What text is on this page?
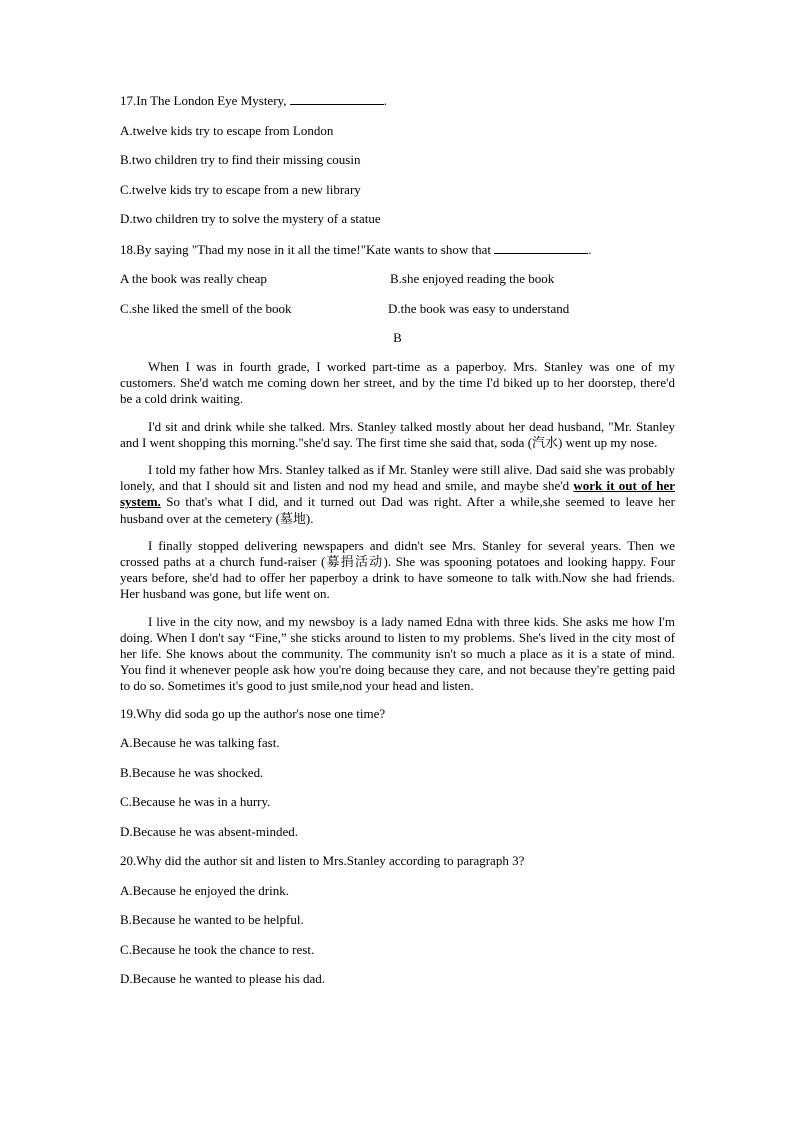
17.In The London Eye Mystery,	.
A.twelve kids try to escape from London
B.two children try to find their missing cousin
C.twelve kids try to escape from a new library
D.two children try to solve the mystery of a statue
18.By saying "Thad my nose in it all the time!"Kate wants to show that	.
A the book was really cheap	B.she enjoyed reading the book
C.she liked the smell of the book	D.the book was easy to understand
B

When I was in fourth grade, I worked part-time as a paperboy. Mrs. Stanley was one of my customers. She'd watch me coming down her street, and by the time I'd biked up to her doorstep, there'd be a cold drink waiting.

I'd sit and drink while she talked. Mrs. Stanley talked mostly about her dead husband, "Mr. Stanley and I went shopping this morning."she'd say. The first time she said that, soda (汽水) went up my nose.

I told my father how Mrs. Stanley talked as if Mr. Stanley were still alive. Dad said she was probably lonely, and that I should sit and listen and nod my head and smile, and maybe she'd work it out of her system. So that's what I did, and it turned out Dad was right. After a while,she seemed to leave her husband over at the cemetery (墓地).

I finally stopped delivering newspapers and didn't see Mrs. Stanley for several years. Then we crossed paths at a church fund-raiser (募捐活动). She was spooning potatoes and looking happy. Four years before, she'd had to offer her paperboy a drink to have someone to talk with.Now she had friends. Her husband was gone, but life went on.

I live in the city now, and my newsboy is a lady named Edna with three kids. She asks me how I'm doing. When I don't say “Fine,” she sticks around to listen to my problems. She's lived in the city most of her life. She knows about the community. The community isn't so much a place as it is a state of mind. You find it whenever people ask how you're doing because they care, and not because they're getting paid to do so. Sometimes it's good to just smile,nod your head and listen.

19.Why did soda go up the author's nose one time?
A.Because he was talking fast.
B.Because he was shocked.
C.Because he was in a hurry.
D.Because he was absent-minded.
20.Why did the author sit and listen to Mrs.Stanley according to paragraph 3?
A.Because he enjoyed the drink.
B.Because he wanted to be helpful.
C.Because he took the chance to rest.
D.Because he wanted to please his dad.
